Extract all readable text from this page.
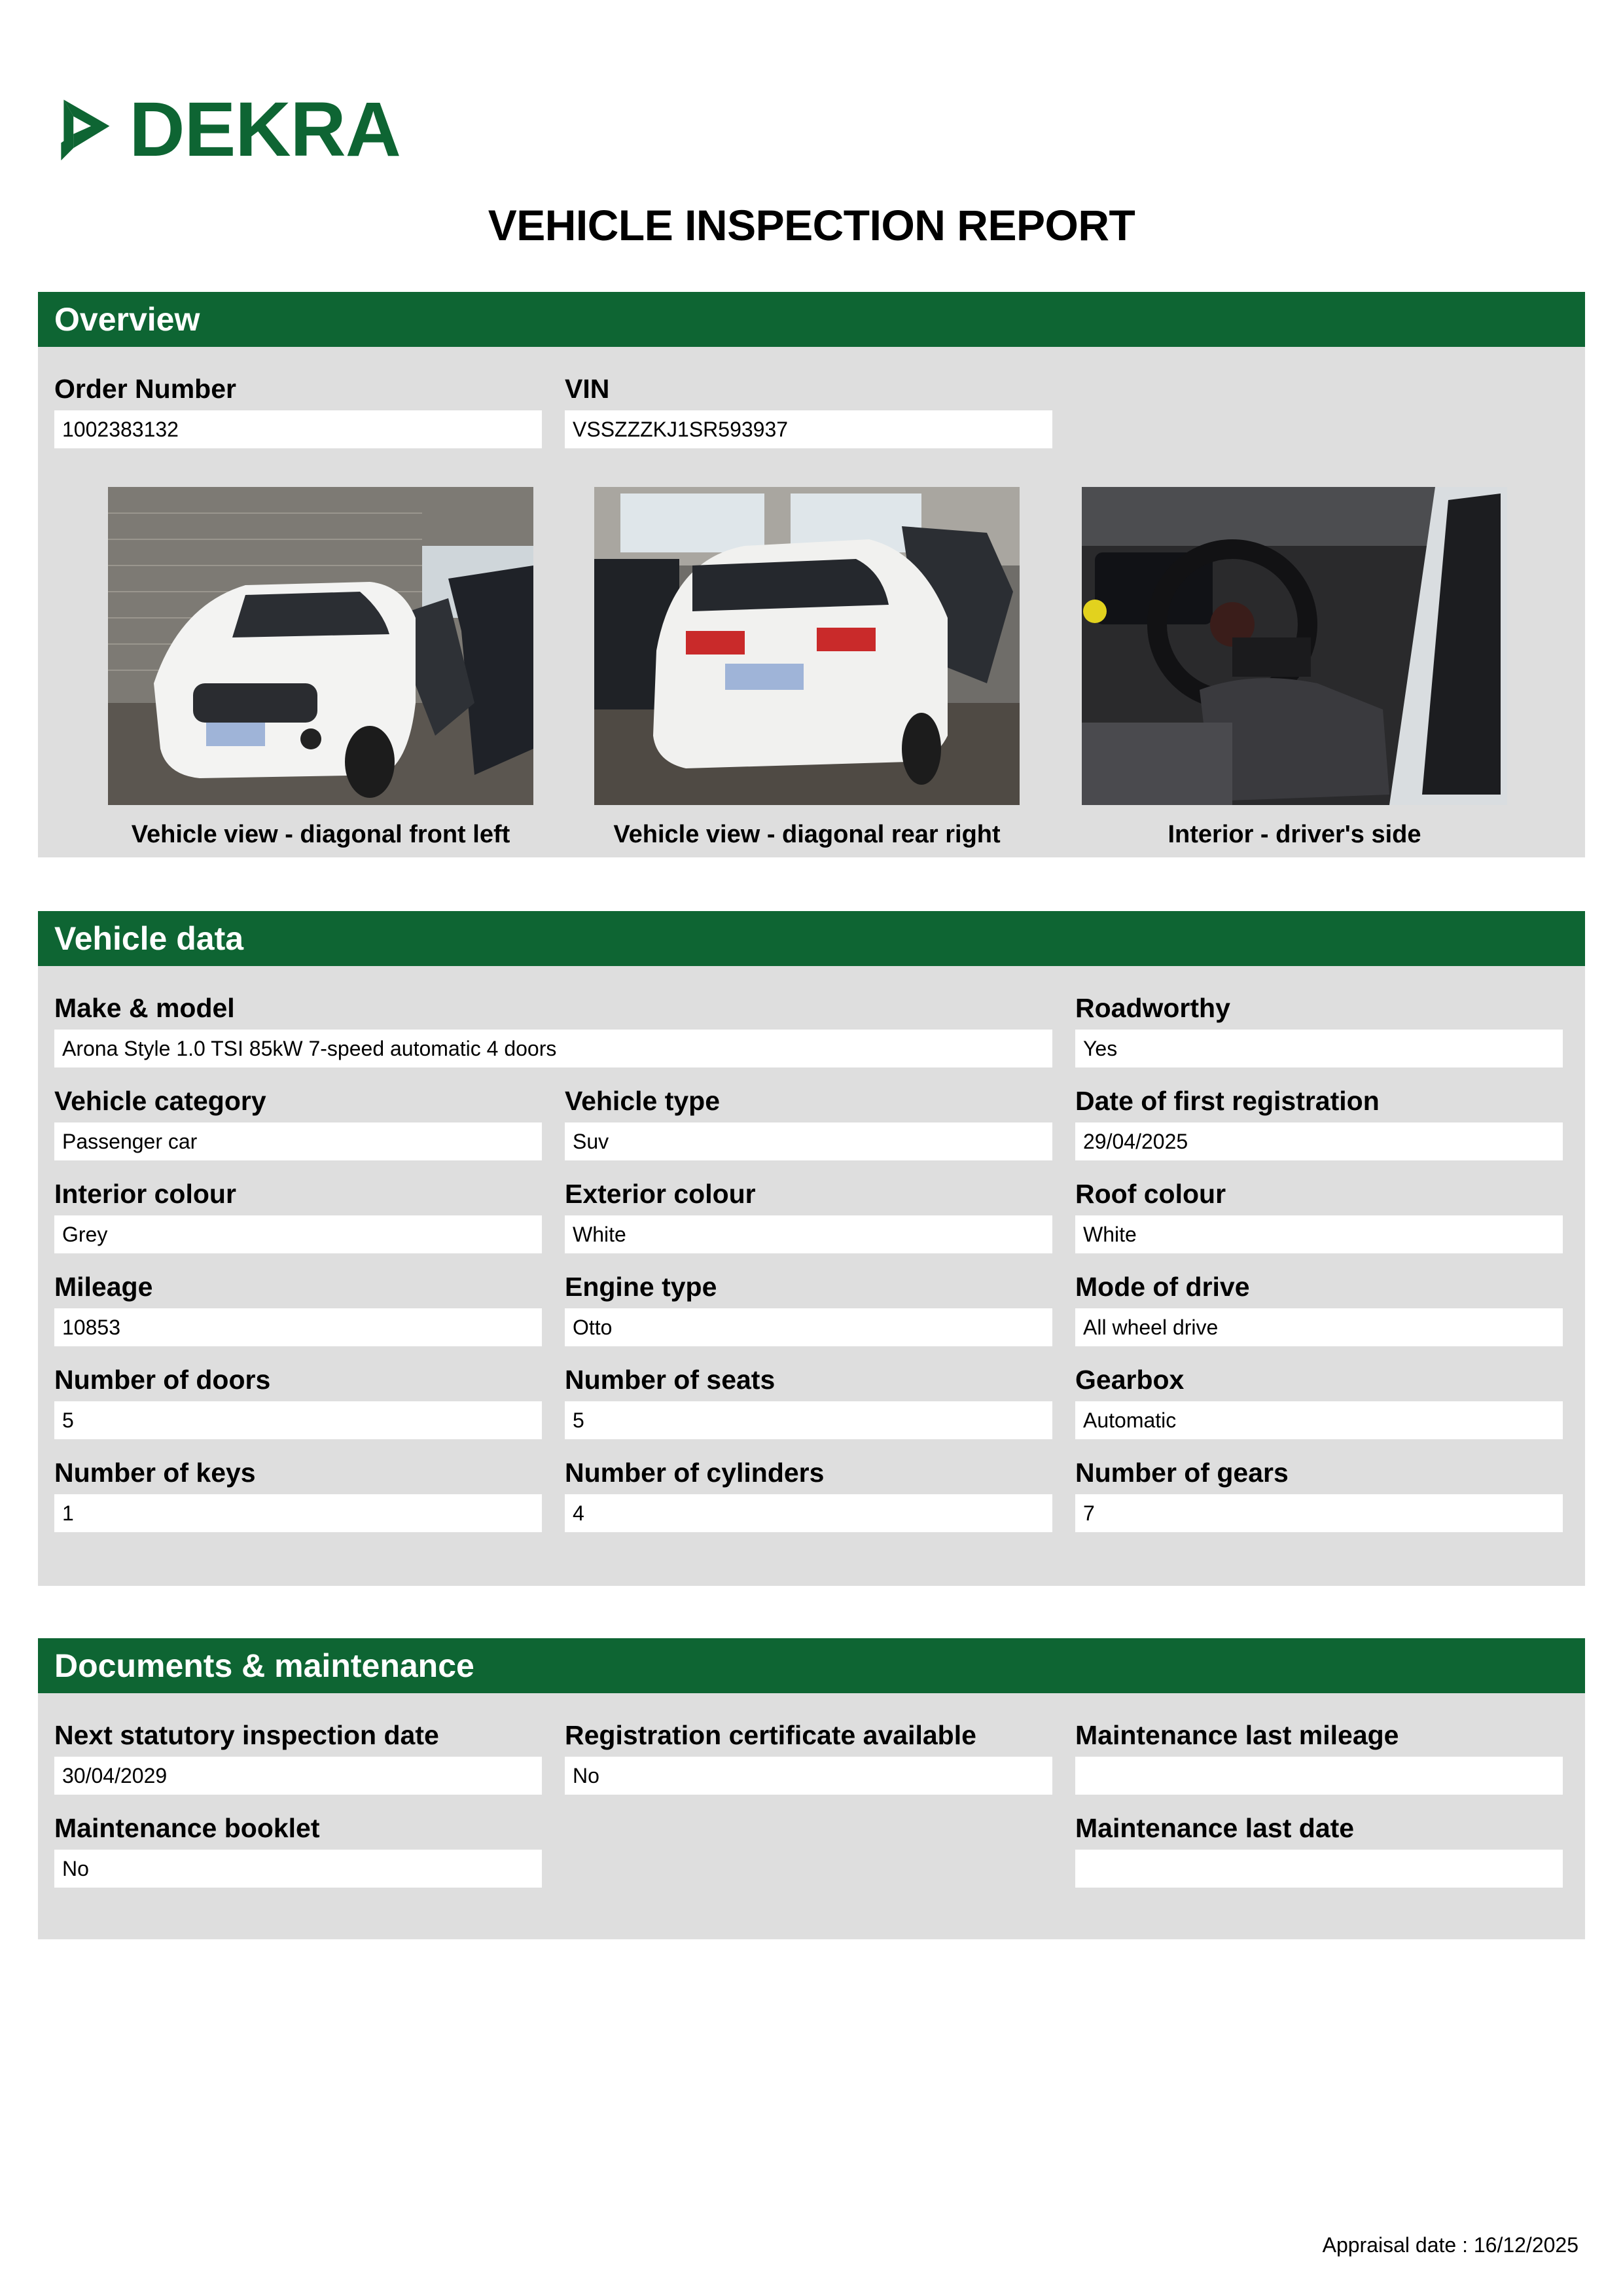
DEKRA
VEHICLE INSPECTION REPORT
Overview
Order Number
1002383132
VIN
VSSZZZKJ1SR593937
Vehicle view - diagonal front left	Vehicle view - diagonal rear right	Interior - driver's side
Vehicle data
Make & model
Arona Style 1.0 TSI 85kW 7-speed automatic 4 doors
Roadworthy
Yes
Vehicle category
Passenger car
Vehicle type
Suv
Date of first registration
29/04/2025
Interior colour
Grey
Exterior colour
White
Roof colour
White
Mileage
10853
Engine type
Otto
Mode of drive
All wheel drive
Number of doors
5
Number of seats
5
Gearbox
Automatic
Number of keys
1
Number of cylinders
4
Number of gears
7
Documents & maintenance
Next statutory inspection date
30/04/2029
Registration certificate available
No
Maintenance last mileage
Maintenance booklet
No
Maintenance last date
Appraisal date : 16/12/2025
